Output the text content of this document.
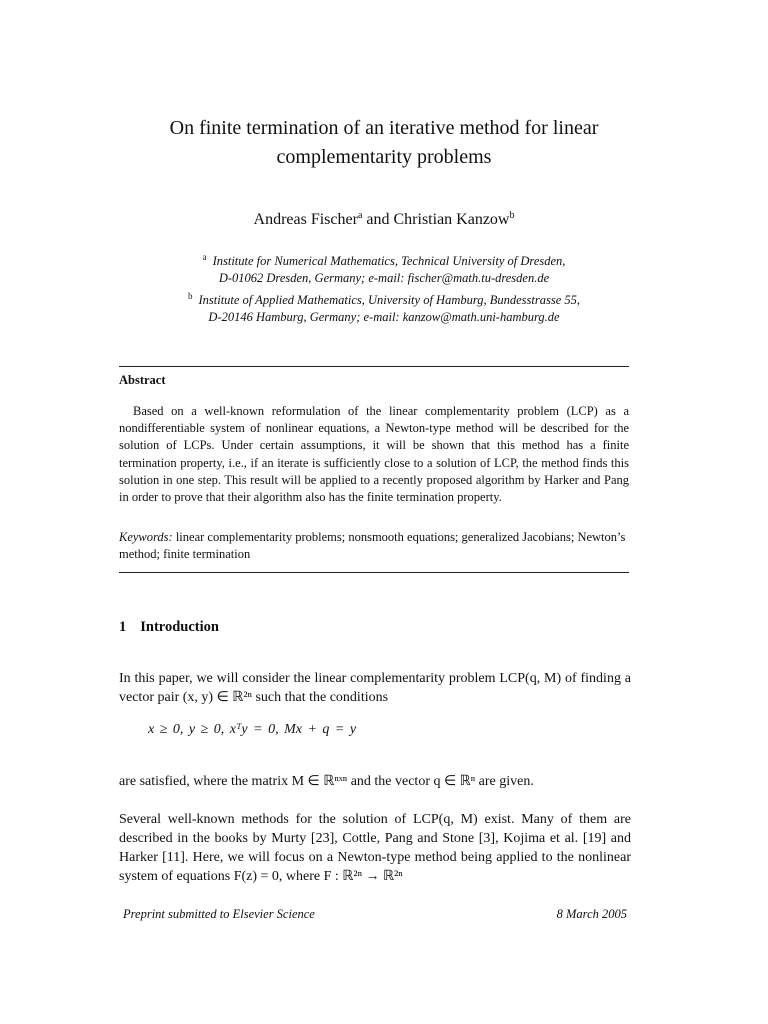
On finite termination of an iterative method for linear complementarity problems
Andreas Fischer$^a$ and Christian Kanzow$^b$
$^a$ Institute for Numerical Mathematics, Technical University of Dresden,
D-01062 Dresden, Germany; e-mail: fischer@math.tu-dresden.de
$^b$ Institute of Applied Mathematics, University of Hamburg, Bundesstrasse 55,
D-20146 Hamburg, Germany; e-mail: kanzow@math.uni-hamburg.de
Abstract

Based on a well-known reformulation of the linear complementarity problem (LCP) as a nondifferentiable system of nonlinear equations, a Newton-type method will be described for the solution of LCPs. Under certain assumptions, it will be shown that this method has a finite termination property, i.e., if an iterate is sufficiently close to a solution of LCP, the method finds this solution in one step. This result will be applied to a recently proposed algorithm by Harker and Pang in order to prove that their algorithm also has the finite termination property.

Keywords: linear complementarity problems; nonsmooth equations; generalized Jacobians; Newton’s method; finite termination
1 Introduction
In this paper, we will consider the linear complementarity problem LCP(q, M) of finding a vector pair (x, y) ∈ ℝ²ⁿ such that the conditions
x ≥ 0, y ≥ 0, xᵀy = 0, Mx + q = y
are satisfied, where the matrix M ∈ ℝⁿˣⁿ and the vector q ∈ ℝⁿ are given.
Several well-known methods for the solution of LCP(q, M) exist. Many of them are described in the books by Murty [23], Cottle, Pang and Stone [3], Kojima et al. [19] and Harker [11]. Here, we will focus on a Newton-type method being applied to the nonlinear system of equations F(z) = 0, where F : ℝ²ⁿ → ℝ²ⁿ
Preprint submitted to Elsevier Science	8 March 2005
